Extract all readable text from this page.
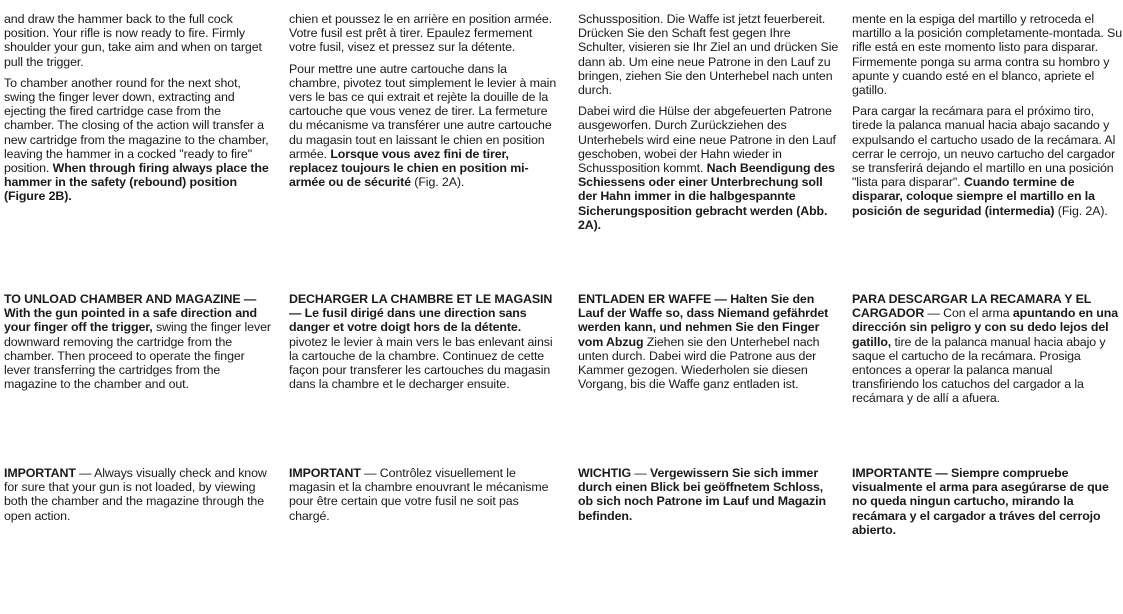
and draw the hammer back to the full cock position. Your rifle is now ready to fire. Firmly shoulder your gun, take aim and when on target pull the trigger.

To chamber another round for the next shot, swing the finger lever down, extracting and ejecting the fired cartridge case from the chamber. The closing of the action will transfer a new cartridge from the magazine to the chamber, leaving the hammer in a cocked "ready to fire" position. When through firing always place the hammer in the safety (rebound) position (Figure 2B).

TO UNLOAD CHAMBER AND MAGAZINE — With the gun pointed in a safe direction and your finger off the trigger, swing the finger lever downward removing the cartridge from the chamber. Then proceed to operate the finger lever transferring the cartridges from the magazine to the chamber and out.

IMPORTANT — Always visually check and know for sure that your gun is not loaded, by viewing both the chamber and the magazine through the open action.

chien et poussez le en arrière en position armée. Votre fusil est prêt à tirer. Epaulez fermement votre fusil, visez et pressez sur la détente.

Pour mettre une autre cartouche dans la chambre, pivotez tout simplement le levier à main vers le bas ce qui extrait et rejète la douille de la cartouche que vous venez de tirer. La fermeture du mécanisme va transférer une autre cartouche du magasin tout en laissant le chien en position armée. Lorsque vous avez fini de tirer, replacez toujours le chien en position mi-armée ou de sécurité (Fig. 2A).

DECHARGER LA CHAMBRE ET LE MAGASIN — Le fusil dirigé dans une direction sans danger et votre doigt hors de la détente. pivotez le levier à main vers le bas enlevant ainsi la cartouche de la chambre. Continuez de cette façon pour transferer les cartouches du magasin dans la chambre et le decharger ensuite.

IMPORTANT — Contrôlez visuellement le magasin et la chambre enouvrant le mécanisme pour être certain que votre fusil ne soit pas chargé.

Schussposition. Die Waffe ist jetzt feuerbereit. Drücken Sie den Schaft fest gegen Ihre Schulter, visieren sie Ihr Ziel an und drücken Sie dann ab. Um eine neue Patrone in den Lauf zu bringen, ziehen Sie den Unterhebel nach unten durch.

Dabei wird die Hülse der abgefeuerten Patrone ausgeworfen. Durch Zurückziehen des Unterhebels wird eine neue Patrone in den Lauf geschoben, wobei der Hahn wieder in Schussposition kommt. Nach Beendigung des Schiessens oder einer Unterbrechung soll der Hahn immer in die halbgespannte Sicherungsposition gebracht werden (Abb. 2A).

ENTLADEN ER WAFFE — Halten Sie den Lauf der Waffe so, dass Niemand gefährdet werden kann, und nehmen Sie den Finger vom Abzug Ziehen sie den Unterhebel nach unten durch. Dabei wird die Patrone aus der Kammer gezogen. Wiederholen sie diesen Vorgang, bis die Waffe ganz entladen ist.

WICHTIG — Vergewissern Sie sich immer durch einen Blick bei geöffnetem Schloss, ob sich noch Patrone im Lauf und Magazin befinden.

mente en la espiga del martillo y retroceda el martillo a la posición completamente-montada. Su rifle está en este momento listo para disparar. Firmemente ponga su arma contra su hombro y apunte y cuando esté en el blanco, apriete el gatillo.

Para cargar la recámara para el próximo tiro, tirede la palanca manual hacia abajo sacando y expulsando el cartucho usado de la recámara. Al cerrar le cerrojo, un neuvo cartucho del cargador se transferirá dejando el martillo en una posición "lista para disparar". Cuando termine de disparar, coloque siempre el martillo en la posición de seguridad (intermedia) (Fig. 2A).

PARA DESCARGAR LA RECAMARA Y EL CARGADOR — Con el arma apuntando en una dirección sin peligro y con su dedo lejos del gatillo, tire de la palanca manual hacia abajo y saque el cartucho de la recámara. Prosiga entonces a operar la palanca manual transfiriendo los catuchos del cargador a la recámara y de allí a afuera.

IMPORTANTE — Siempre compruebe visualmente el arma para asegúrarse de que no queda ningun cartucho, mirando la recámara y el cargador a tráves del cerrojo abierto.
